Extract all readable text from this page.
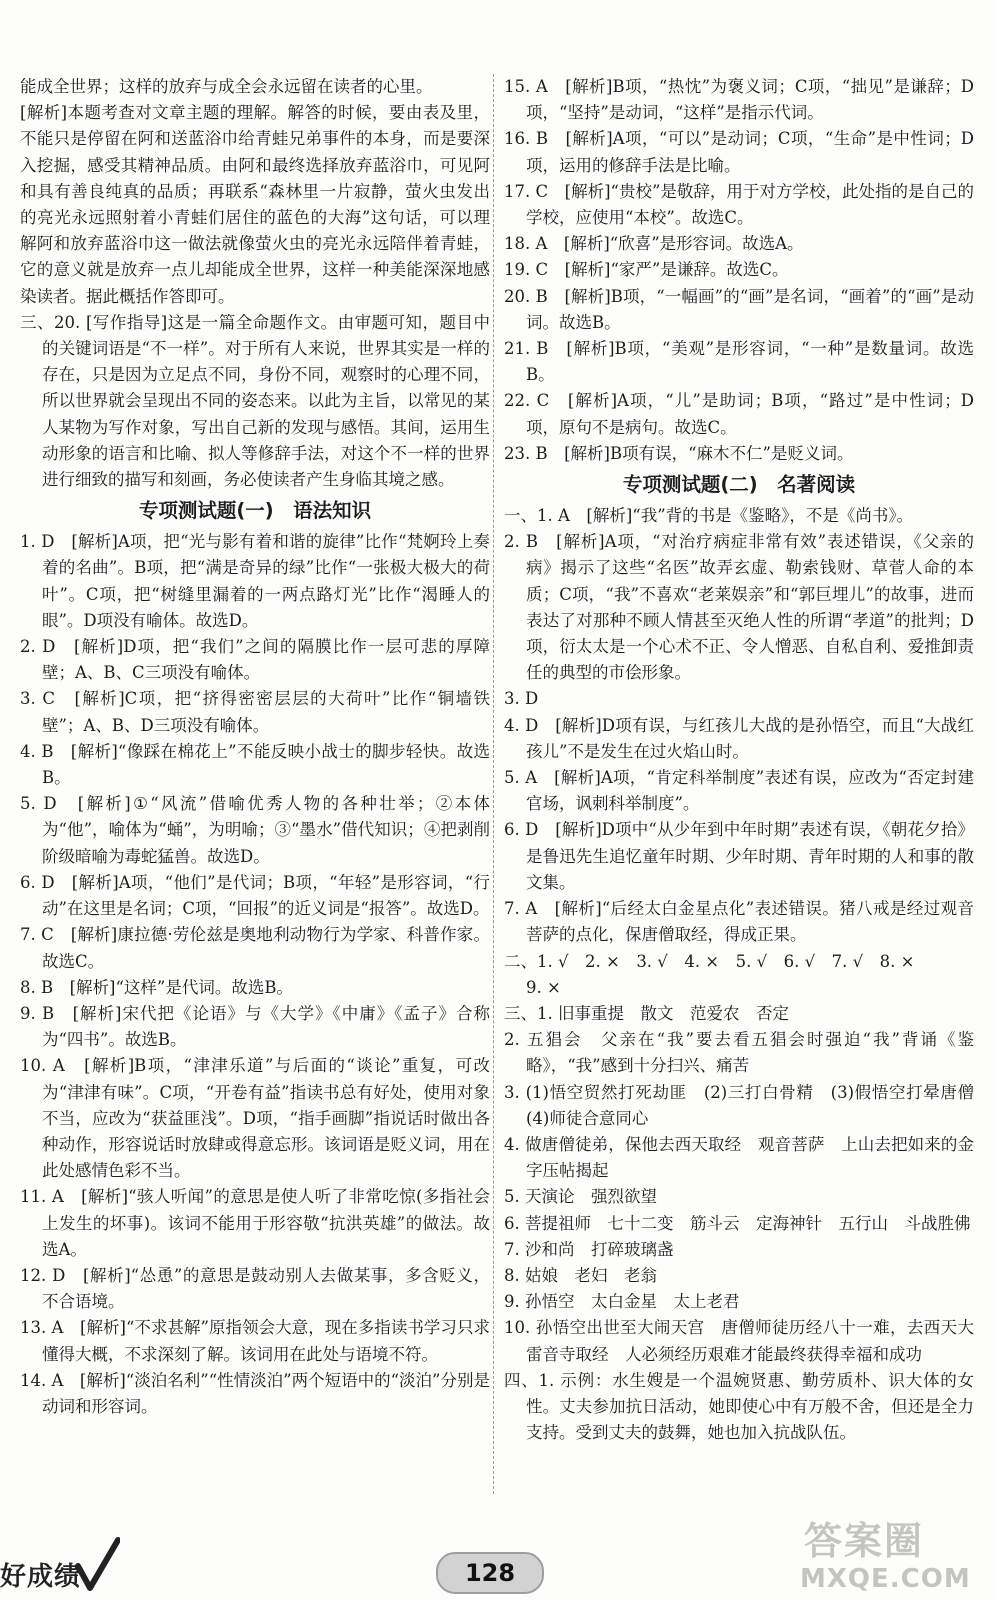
能成全世界；这样的放弃与成全会永远留在读者的心里。

[解析]本题考查对文章主题的理解。解答的时候，要由表及里，不能只是停留在阿和送蓝浴巾给青蛙兄弟事件的本身，而是要深入挖掘，感受其精神品质。由阿和最终选择放弃蓝浴巾，可见阿和具有善良纯真的品质；再联系“森林里一片寂静，萤火虫发出的亮光永远照射着小青蛙们居住的蓝色的大海”这句话，可以理解阿和放弃蓝浴巾这一做法就像萤火虫的亮光永远陪伴着青蛙，它的意义就是放弃一点儿却能成全世界，这样一种美能深深地感染读者。据此概括作答即可。

三、20. [写作指导]这是一篇全命题作文。由审题可知，题目中的关键词语是“不一样”。对于所有人来说，世界其实是一样的存在，只是因为立足点不同，身份不同，观察时的心理不同，所以世界就会呈现出不同的姿态来。以此为主旨，以常见的某人某物为写作对象，写出自己新的发现与感悟。其间，运用生动形象的语言和比喻、拟人等修辞手法，对这个不一样的世界进行细致的描写和刻画，务必使读者产生身临其境之感。

专项测试题(一)　语法知识

1. D　[解析]A项，把“光与影有着和谐的旋律”比作“梵婀玲上奏着的名曲”。B项，把“满是奇异的绿”比作“一张极大极大的荷叶”。C项，把“树缝里漏着的一两点路灯光”比作“渴睡人的眼”。D项没有喻体。故选D。

2. D　[解析]D项，把“我们”之间的隔膜比作一层可悲的厚障壁；A、B、C三项没有喻体。

3. C　[解析]C项，把“挤得密密层层的大荷叶”比作“铜墙铁壁”；A、B、D三项没有喻体。

4. B　[解析]“像踩在棉花上”不能反映小战士的脚步轻快。故选B。

5. D　[解析]①“风流”借喻优秀人物的各种壮举；②本体为“他”，喻体为“蛹”，为明喻；③“墨水”借代知识；④把剥削阶级暗喻为毒蛇猛兽。故选D。

6. D　[解析]A项，“他们”是代词；B项，“年轻”是形容词，“行动”在这里是名词；C项，“回报”的近义词是“报答”。故选D。

7. C　[解析]康拉德·劳伦兹是奥地利动物行为学家、科普作家。故选C。

8. B　[解析]“这样”是代词。故选B。

9. B　[解析]宋代把《论语》与《大学》《中庸》《孟子》合称为“四书”。故选B。

10. A　[解析]B项，“津津乐道”与后面的“谈论”重复，可改为“津津有味”。C项，“开卷有益”指读书总有好处，使用对象不当，应改为“获益匪浅”。D项，“指手画脚”指说话时做出各种动作，形容说话时放肆或得意忘形。该词语是贬义词，用在此处感情色彩不当。

11. A　[解析]“骇人听闻”的意思是使人听了非常吃惊(多指社会上发生的坏事)。该词不能用于形容敬“抗洪英雄”的做法。故选A。

12. D　[解析]“怂恿”的意思是鼓动别人去做某事，多含贬义，不合语境。

13. A　[解析]“不求甚解”原指领会大意，现在多指读书学习只求懂得大概，不求深刻了解。该词用在此处与语境不符。

14. A　[解析]“淡泊名利”“性情淡泊”两个短语中的“淡泊”分别是动词和形容词。

15. A　[解析]B项，“热忱”为褒义词；C项，“拙见”是谦辞；D项，“坚持”是动词，“这样”是指示代词。

16. B　[解析]A项，“可以”是动词；C项，“生命”是中性词；D项，运用的修辞手法是比喻。

17. C　[解析]“贵校”是敬辞，用于对方学校，此处指的是自己的学校，应使用“本校”。故选C。

18. A　[解析]“欣喜”是形容词。故选A。

19. C　[解析]“家严”是谦辞。故选C。

20. B　[解析]B项，“一幅画”的“画”是名词，“画着”的“画”是动词。故选B。

21. B　[解析]B项，“美观”是形容词，“一种”是数量词。故选B。

22. C　[解析]A项，“儿”是助词；B项，“路过”是中性词；D项，原句不是病句。故选C。

23. B　[解析]B项有误，“麻木不仁”是贬义词。

专项测试题(二)　名著阅读

一、1. A　[解析]“我”背的书是《鉴略》，不是《尚书》。

2. B　[解析]A项，“对治疗病症非常有效”表述错误，《父亲的病》揭示了这些“名医”故弄玄虚、勒索钱财、草菅人命的本质；C项，“我”不喜欢“老莱娱亲”和“郭巨埋儿”的故事，进而表达了对那种不顾人情甚至灭绝人性的所谓“孝道”的批判；D项，衍太太是一个心术不正、令人憎恶、自私自利、爱推卸责任的典型的市侩形象。

3. D

4. D　[解析]D项有误，与红孩儿大战的是孙悟空，而且“大战红孩儿”不是发生在过火焰山时。

5. A　[解析]A项，“肯定科举制度”表述有误，应改为“否定封建官场，讽刺科举制度”。

6. D　[解析]D项中“从少年到中年时期”表述有误，《朝花夕拾》是鲁迅先生追忆童年时期、少年时期、青年时期的人和事的散文集。

7. A　[解析]“后经太白金星点化”表述错误。猪八戒是经过观音菩萨的点化，保唐僧取经，得成正果。

二、1. √　2. ×　3. √　4. ×　5. √　6. √　7. √　8. ×

9. ×

三、1. 旧事重提　散文　范爱农　否定

2. 五猖会　父亲在“我”要去看五猖会时强迫“我”背诵《鉴略》，“我”感到十分扫兴、痛苦

3. (1)悟空贸然打死劫匪　(2)三打白骨精　(3)假悟空打晕唐僧　(4)师徒合意同心

4. 做唐僧徒弟，保他去西天取经　观音菩萨　上山去把如来的金字压帖揭起

5. 天演论　强烈欲望

6. 菩提祖师　七十二变　筋斗云　定海神针　五行山　斗战胜佛

7. 沙和尚　打碎玻璃盏

8. 姑娘　老妇　老翁

9. 孙悟空　太白金星　太上老君

10. 孙悟空出世至大闹天宫　唐僧师徒历经八十一难，去西天大雷音寺取经　人必须经历艰难才能最终获得幸福和成功

四、1. 示例：水生嫂是一个温婉贤惠、勤劳质朴、识大体的女性。丈夫参加抗日活动，她即使心中有万般不舍，但还是全力支持。受到丈夫的鼓舞，她也加入抗战队伍。

好成绩	128
答案圈
MXQE.COM
